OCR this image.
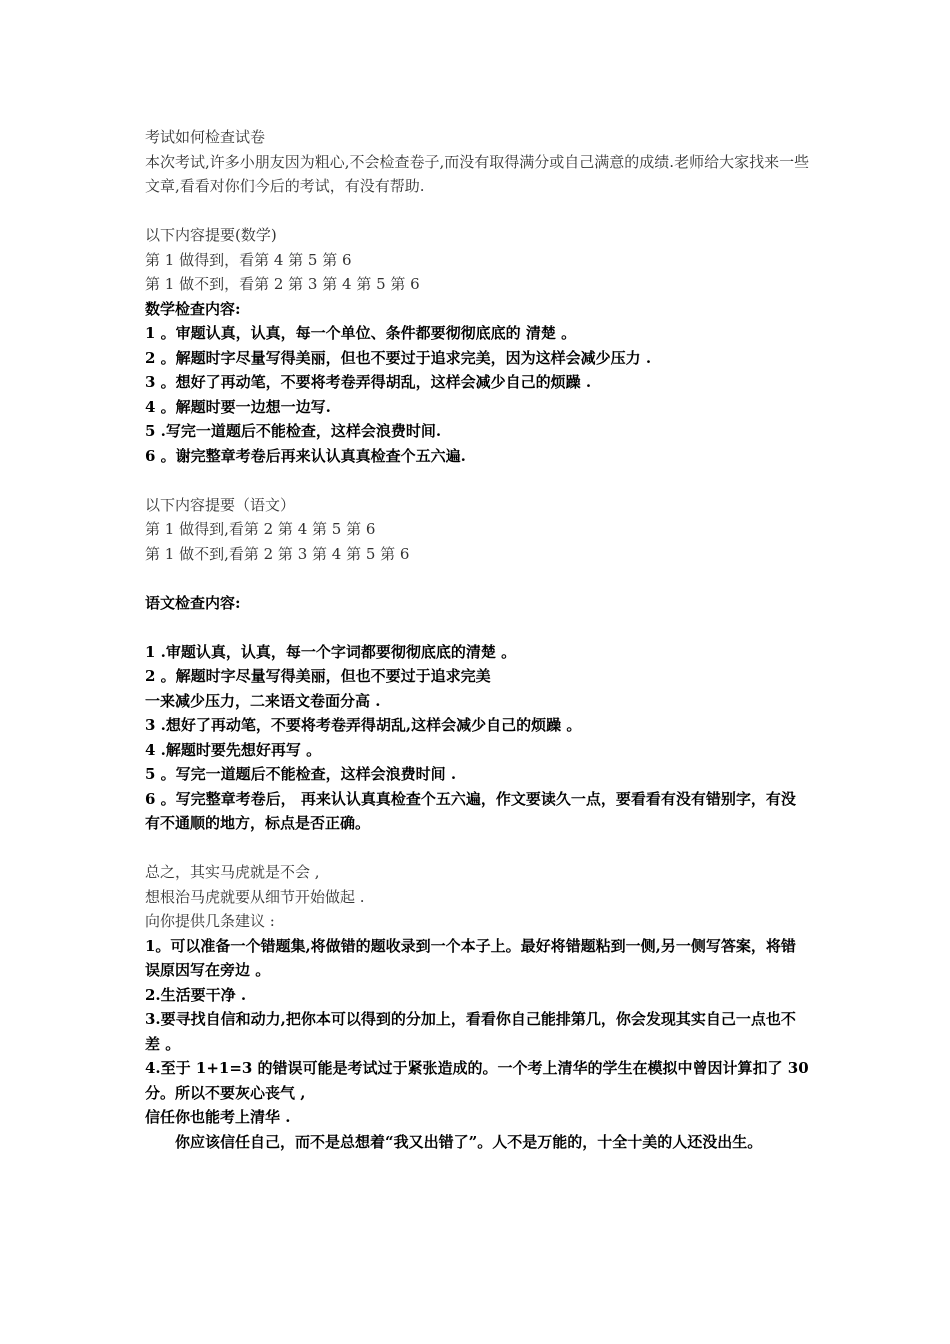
考试如何检查试卷

本次考试,许多小朋友因为粗心,不会检查卷子,而没有取得满分或自己满意的成绩.老师给大家找来一些文章,看看对你们今后的考试，有没有帮助.

以下内容提要(数学)

第 1 做得到，看第 4 第 5 第 6

第 1 做不到，看第 2 第 3 第 4 第 5 第 6

数学检查内容:

1 。审题认真，认真，每一个单位、条件都要彻彻底底的 清楚 。

2 。解题时字尽量写得美丽，但也不要过于追求完美，因为这样会减少压力 .

3 。想好了再动笔，不要将考卷弄得胡乱，这样会减少自己的烦躁 .

4 。解题时要一边想一边写.

5 .写完一道题后不能检查，这样会浪费时间.

6 。谢完整章考卷后再来认认真真检查个五六遍.

以下内容提要（语文）

第 1 做得到,看第 2 第 4 第 5 第 6

第 1 做不到,看第 2 第 3 第 4 第 5 第 6

语文检查内容:

1 .审题认真，认真，每一个字词都要彻彻底底的清楚 。

2 。解题时字尽量写得美丽，但也不要过于追求完美

一来减少压力，二来语文卷面分高 .

3 .想好了再动笔，不要将考卷弄得胡乱,这样会减少自己的烦躁 。

4 .解题时要先想好再写 。

5 。写完一道题后不能检查，这样会浪费时间 .

6 。写完整章考卷后， 再来认认真真检查个五六遍，作文要读久一点，要看看有没有错别字，有没有不通顺的地方，标点是否正确。

总之，其实马虎就是不会 ,

想根治马虎就要从细节开始做起 .

向你提供几条建议 :

1。可以准备一个错题集,将做错的题收录到一个本子上。最好将错题粘到一侧,另一侧写答案，将错误原因写在旁边 。

2.生活要干净 .

3.要寻找自信和动力,把你本可以得到的分加上，看看你自己能排第几，你会发现其实自己一点也不差 。

4.至于 1+1=3 的错误可能是考试过于紧张造成的。一个考上清华的学生在模拟中曾因计算扣了 30 分。所以不要灰心丧气 ,

信任你也能考上清华 .

你应该信任自己，而不是总想着“我又出错了”。人不是万能的，十全十美的人还没出生。
